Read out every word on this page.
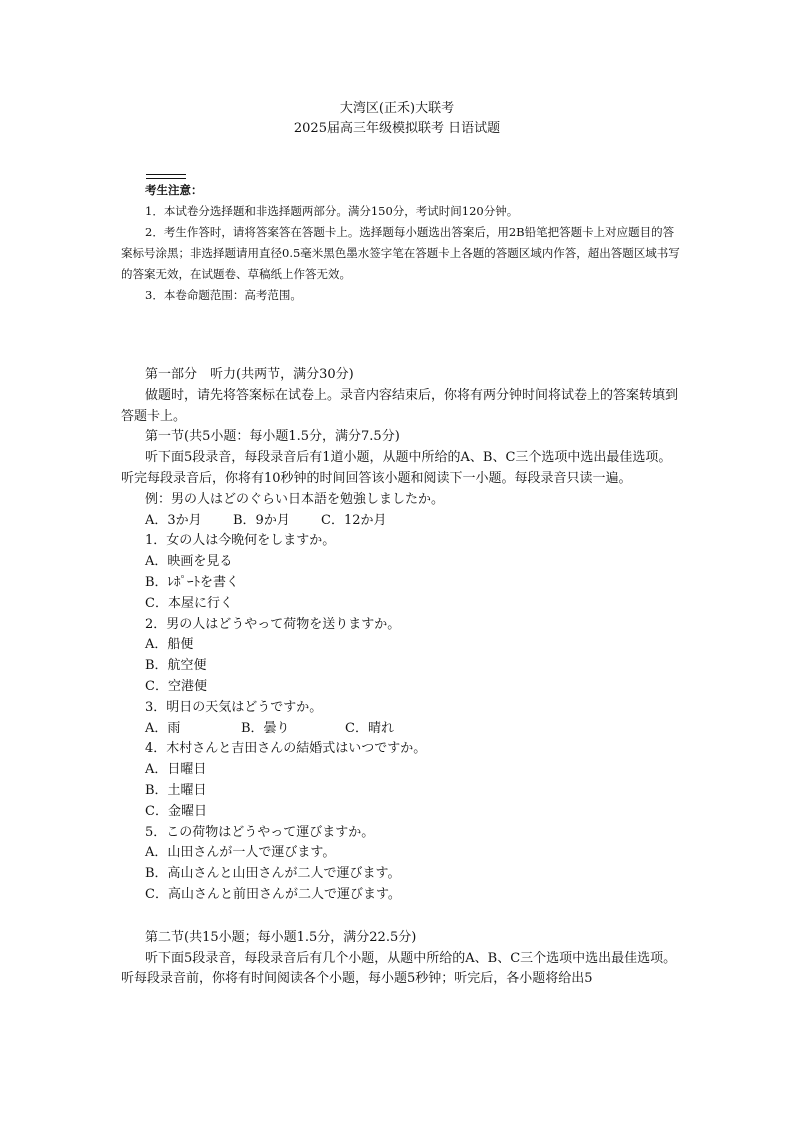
大湾区(正禾)大联考
2025届高三年级模拟联考 日语试题

考生注意：

1．本试卷分选择题和非选择题两部分。满分150分，考试时间120分钟。

2．考生作答时，请将答案答在答题卡上。选择题每小题选出答案后，用2B铅笔把答题卡上对应题目的答案标号涂黑；非选择题请用直径0.5毫米黑色墨水签字笔在答题卡上各题的答题区域内作答，超出答题区域书写的答案无效，在试题卷、草稿纸上作答无效。

3．本卷命题范围：高考范围。

第一部分　听力(共两节，满分30分)

做题时，请先将答案标在试卷上。录音内容结束后，你将有两分钟时间将试卷上的答案转填到答题卡上。

第一节(共5小题：每小题1.5分，满分7.5分)

听下面5段录音，每段录音后有1道小题，从题中所给的A、B、C三个选项中选出最佳选项。听完每段录音后，你将有10秒钟的时间回答该小题和阅读下一小题。每段录音只读一遍。

例：男の人はどのぐらい日本語を勉強しましたか。

A．3か月 B．9か月 C．12か月

1．女の人は今晩何をしますか。

A．映画を見る

B．ﾚﾎﾟｰﾄを書く

C．本屋に行く

2．男の人はどうやって荷物を送りますか。

A．船便

B．航空便

C．空港便

3．明日の天気はどうですか。

A．雨	B．曇り	C．晴れ

4．木村さんと吉田さんの結婚式はいつですか。

A．日曜日

B．土曜日

C．金曜日

5．この荷物はどうやって運びますか。

A．山田さんが一人で運びます。

B．高山さんと山田さんが二人で運びます。

C．高山さんと前田さんが二人で運びます。

第二节(共15小题；每小题1.5分，满分22.5分)

听下面5段录音，每段录音后有几个小题，从题中所给的A、B、C三个选项中选出最佳选项。听每段录音前，你将有时间阅读各个小题，每小题5秒钟；听完后，各小题将给出5
